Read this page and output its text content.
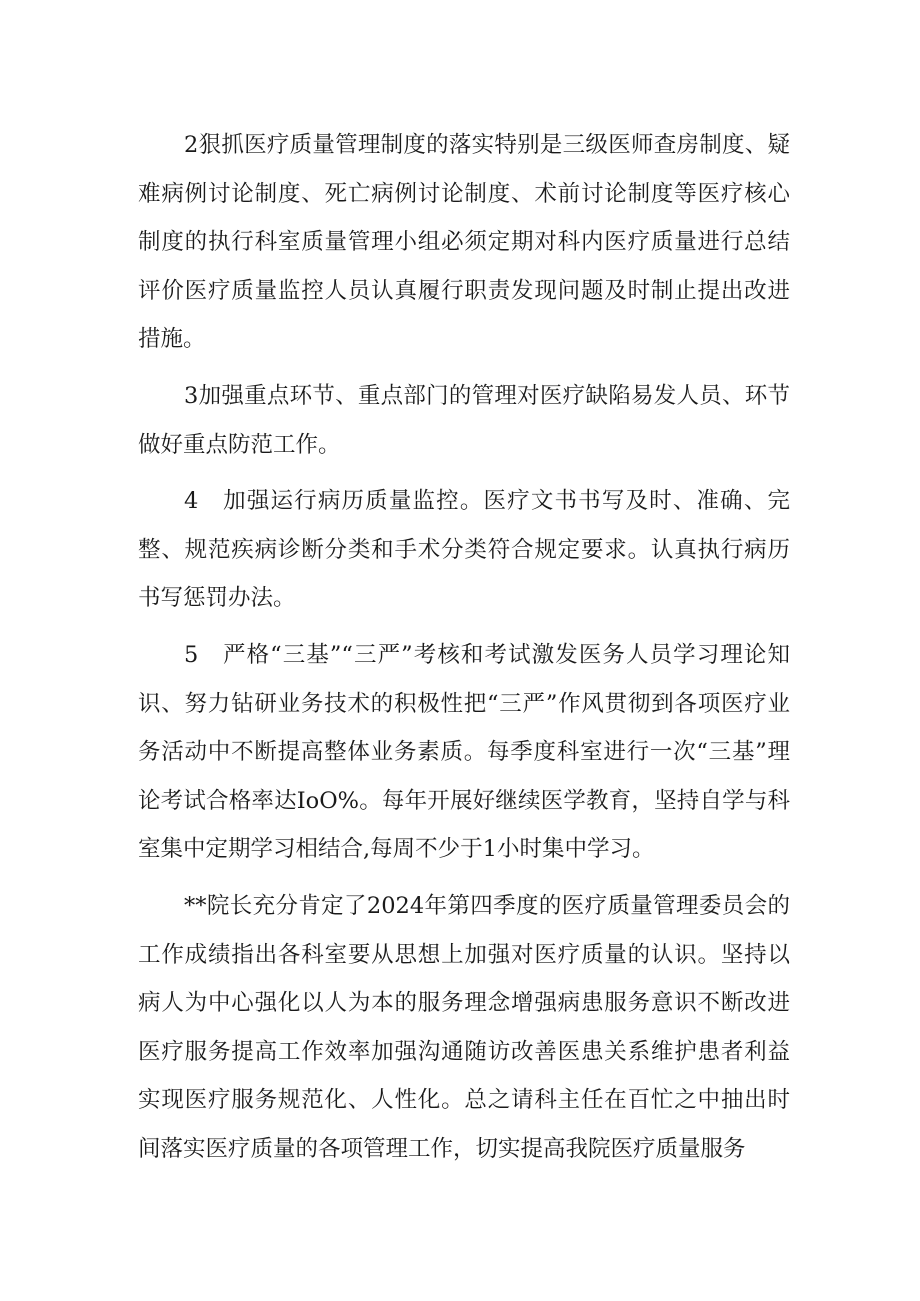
2狠抓医疗质量管理制度的落实特别是三级医师查房制度、疑难病例讨论制度、死亡病例讨论制度、术前讨论制度等医疗核心制度的执行科室质量管理小组必须定期对科内医疗质量进行总结评价医疗质量监控人员认真履行职责发现问题及时制止提出改进措施。

3加强重点环节、重点部门的管理对医疗缺陷易发人员、环节做好重点防范工作。

4　加强运行病历质量监控。医疗文书书写及时、准确、完整、规范疾病诊断分类和手术分类符合规定要求。认真执行病历书写惩罚办法。

5　严格“三基”“三严”考核和考试激发医务人员学习理论知识、努力钻研业务技术的积极性把“三严”作风贯彻到各项医疗业务活动中不断提高整体业务素质。每季度科室进行一次“三基”理论考试合格率达IoO%。每年开展好继续医学教育，坚持自学与科室集中定期学习相结合,每周不少于1小时集中学习。

**院长充分肯定了2024年第四季度的医疗质量管理委员会的工作成绩指出各科室要从思想上加强对医疗质量的认识。坚持以病人为中心强化以人为本的服务理念增强病患服务意识不断改进医疗服务提高工作效率加强沟通随访改善医患关系维护患者利益实现医疗服务规范化、人性化。总之请科主任在百忙之中抽出时间落实医疗质量的各项管理工作，切实提高我院医疗质量服务
